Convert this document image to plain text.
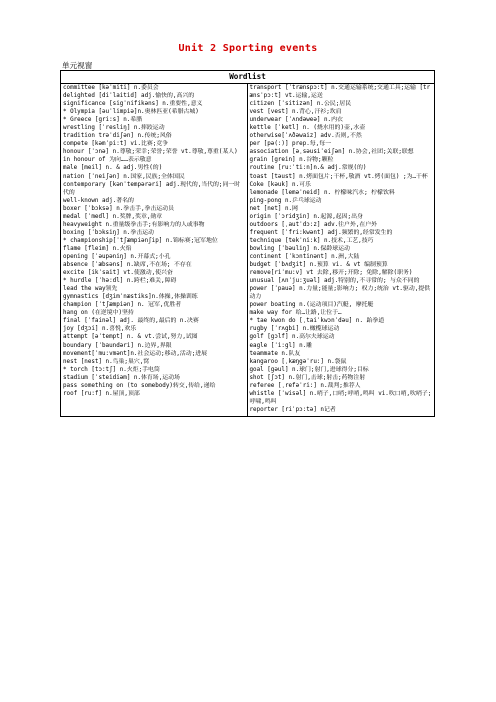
Unit 2 Sporting events
单元视窗
Wordlist

committee [kəˈmiti] n.委员会

delighted [diˈlaitid] adj.愉快的,高兴的

significance [sigˈnifikəns] n.重要性,意义

* Olympia [əuˈlimpiə]n.奥林匹亚(希腊古城)

* Greece [gri:s] n.希腊

wrestling [ˈresliŋ] n.摔跤运动

tradition trəˈdiʃən] n.传统;风俗

compete [kəmˈpi:t] vi.比赛;竞争

honour [ˈɔnə] n.尊敬;荣幸;荣誉;荣誉 vt.尊敬,尊重(某人)

in honour of 为向……表示敬意

male [meil] n. & adj.男性(的)

nation [ˈneiʃən] n.国家,民族;全体国民

contemporary [kənˈtempərəri] adj.现代的,当代的;同一时代的

well-known adj.著名的

boxer [ˈbɔksə] n.拳击手,拳击运动员

medal [ˈmedl] n.奖牌,奖章,勋章

heavyweight n.重量级拳击手;有影响力的人或事物

boxing [ˈbɔksiŋ] n.拳击运动

* championship[ˈtʃæmpiənʃip] n.锦标赛;冠军地位

flame [fleim] n.火焰

opening [ˈəupəniŋ] n.开幕式;小孔

absence [ˈæbsəns] n.缺席,不在场; 不存在

excite [ikˈsait] vt.使激动,使兴奋

* hurdle [ˈhə:dl] n.跨栏;难关,障碍

lead the way领先

gymnastics [dʒimˈnæstiks]n.体操,体操训练

champion [ˈtʃæmpiən] n. 冠军,优胜者

hang on (在逆境中)坚持

final [ˈfainəl] adj. 最终的,最后的 n.决赛

joy [dʒɔi] n.喜悦,欢乐

attempt [əˈtempt] n. & vt.尝试,努力,试图

boundary [ˈbaundəri] n.边界,界限

movement[ˈmu:vmənt]n.社会运动;移动,活动;进展

nest [nest] n.鸟巢;巢穴,窝

* torch [tɔ:tʃ] n.火炬;手电筒

stadium [ˈsteidiəm] n.体育场,运动场

pass something on (to somebody)转交,传给,递给

roof [ru:f] n.屋顶,顶部

transport [ˈtrænspɔ:t] n.交通运输系统;交通工具;运输 [trænsˈpɔ:t] vt.运输,运送

citizen [ˈsitizən] n.公民;居民

vest [vest] n.背心,汗衫;坎肩

underwear [ˈʌndəweə] n.内衣

kettle [ˈketl] n. (烧水用的)壶,水壶

otherwise[ˈʌðəwaiz] adv.否则,不然

per [pə(:)] prep.每,每一

association [əˌsəusiˈeiʃən] n.协会,社团;关联;联想

grain [grein] n.谷物;颗粒

routine [ru:ˈti:n]n.& adj.常规(的)

toast [təust] n.烤面包片;干杯,敬酒 vt.烤(面包) ;为…干杯

Coke [kəuk] n.可乐

lemonade [leməˈneid] n. 柠檬味汽水; 柠檬饮料

ping-pong n.乒乓球运动

net [net] n.网

origin [ˈɔridʒin] n.起源,起因;出身

outdoors [ˌautˈdɔ:z] adv.往户外,在户外

frequent [ˈfri:kwənt] adj.频繁的,经常发生的

technique [tekˈni:k] n.技术,工艺,技巧

bowling [ˈbəuliŋ] n.保龄球运动

continent [ˈkɔntinənt] n.洲,大陆

budget [ˈbʌdʒit] n.预算 vi. & vt 编制预算

remove[riˈmu:v] vt 去除,移开;开除; 免除,解除(职务)

unusual [ʌnˈju:ʒuəl] adj.特别的,不寻常的; 与众不同的

power [ˈpauə] n.力量;能量;影响力; 权力;统治 vt.驱动,提供动力

power boating n.(运动项目)汽艇, 摩托艇

make way for 给…让路,让位于…

* tae kwon do [ˌtaiˈkwɔnˈdəu] n. 跆拳道

rugby [ˈrʌgbi] n.橄榄球运动

golf [gɔlf] n.高尔夫球运动

eagle [ˈi:gl] n.雕

teammate n.队友

kangaroo [ˌkæŋgəˈru:] n.袋鼠

goal [gəul] n.球门;射门,进球得分;目标

shot [ʃɔt] n.射门,击球;射击;药物注射

referee [ˌrefəˈri:] n.裁判;推荐人

whistle [ˈwisəl] n.哨子,口哨;呼哨,鸣叫 vi.吹口哨,吹哨子;呼啸,鸣叫

reporter [riˈpɔ:tə] n记者
